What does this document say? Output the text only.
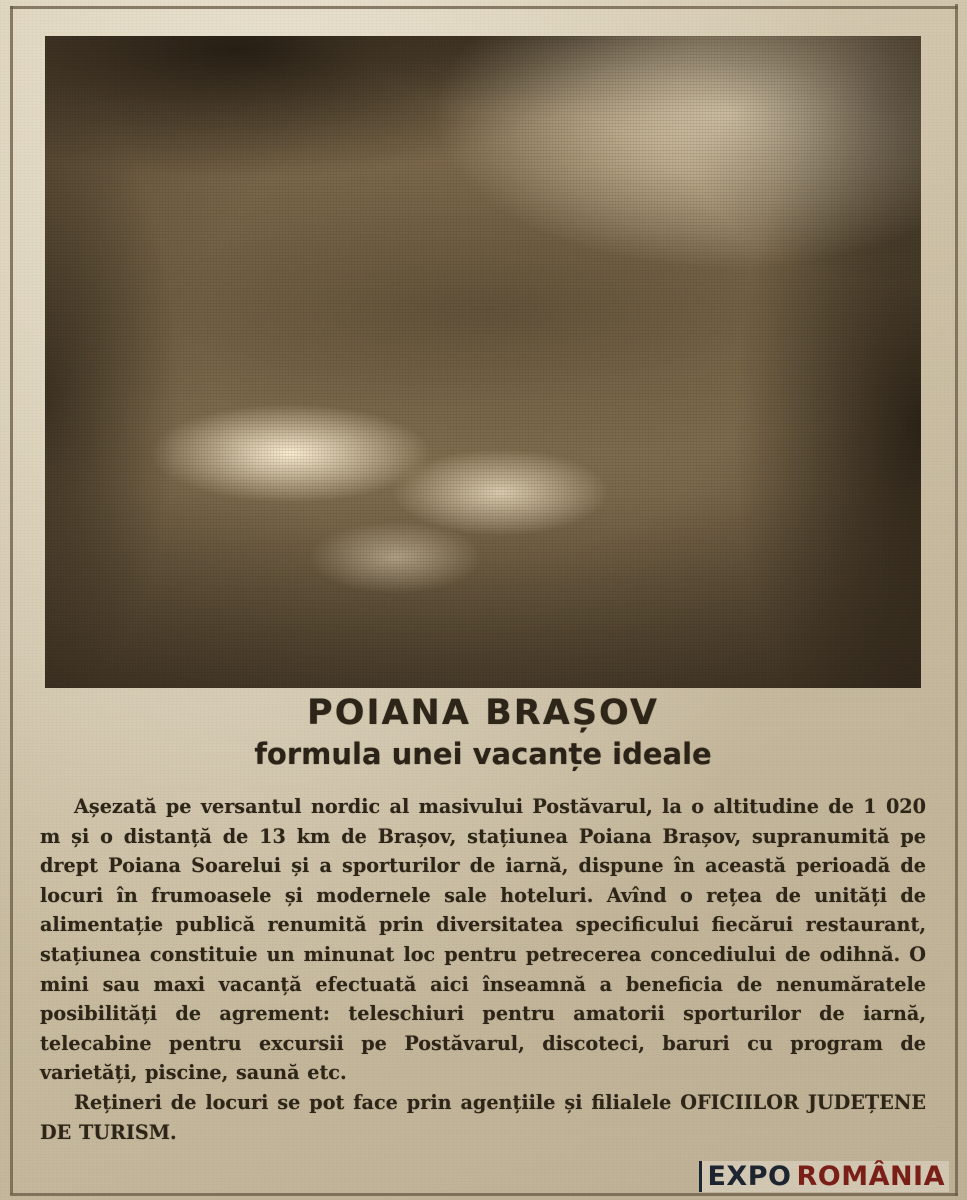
POIANA BRAȘOV
formula unei vacanțe ideale

Așezată pe versantul nordic al masivului Postăvarul, la o altitudine de 1 020 m și o distanță de 13 km de Brașov, stațiunea Poiana Brașov, supranumită pe drept Poiana Soarelui și a sporturilor de iarnă, dispune în această perioadă de locuri în frumoasele și modernele sale hoteluri. Avînd o rețea de unități de alimentație publică renumită prin diversitatea specificului fiecărui restaurant, stațiunea constituie un minunat loc pentru petrecerea concediului de odihnă. O mini sau maxi vacanță efectuată aici înseamnă a beneficia de nenumăratele posibilități de agrement: teleschiuri pentru amatorii sporturilor de iarnă, telecabine pentru excursii pe Postăvarul, discoteci, baruri cu program de varietăți, piscine, saună etc.

Rețineri de locuri se pot face prin agențiile și filialele OFICIILOR JUDEȚENE DE TURISM.

EXPO ROMÂNIA
